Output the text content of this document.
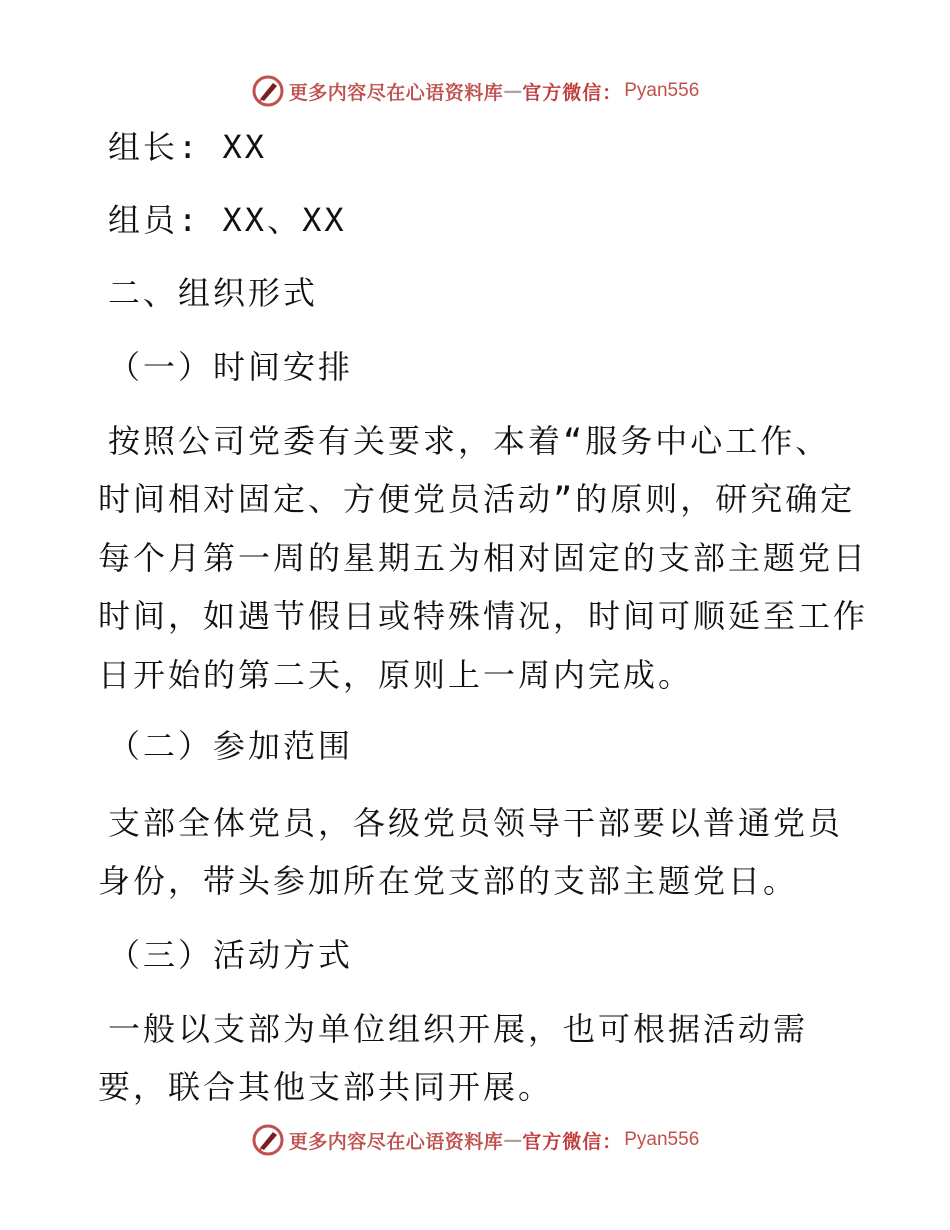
更多内容尽在心语资料库 — 官方微信： Pyan556
组长: XX
组员: XX、XX
二、组织形式
（一）时间安排
按照公司党委有关要求，本着“服务中心工作、
时间相对固定、方便党员活动”的原则，研究确定
每个月第一周的星期五为相对固定的支部主题党日
时间，如遇节假日或特殊情况，时间可顺延至工作
日开始的第二天，原则上一周内完成。
（二）参加范围
支部全体党员，各级党员领导干部要以普通党员
身份，带头参加所在党支部的支部主题党日。
（三）活动方式
一般以支部为单位组织开展，也可根据活动需
要，联合其他支部共同开展。
更多内容尽在心语资料库 — 官方微信： Pyan556
